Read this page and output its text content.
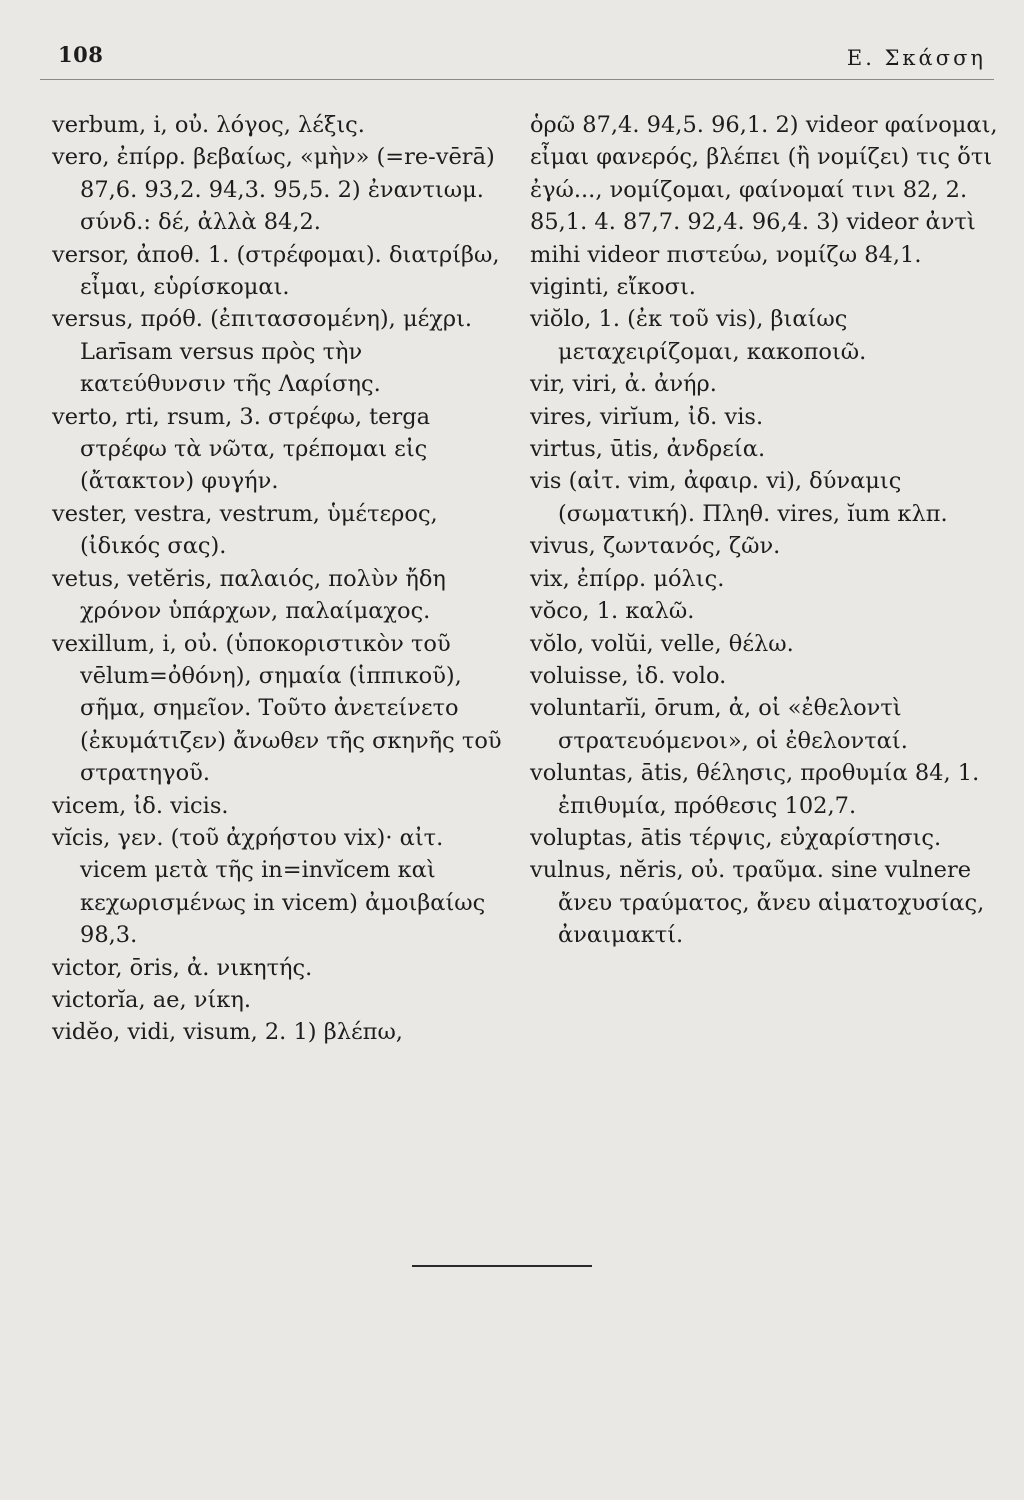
108	Ε. Σκάσση

verbum, i, οὐ. λόγος, λέξις.

vero, ἐπίρρ. βεβαίως, «μὴν» (=re-vērā) 87,6. 93,2. 94,3. 95,5. 2) ἐναντιωμ. σύνδ.: δέ, ἀλλὰ 84,2.

versor, ἀποθ. 1. (στρέφομαι). διατρίβω, εἶμαι, εὑρίσκομαι.

versus, πρόθ. (ἐπιτασσομένη), μέχρι. Larīsam versus πρὸς τὴν κατεύθυνσιν τῆς Λαρίσης.

verto, rti, rsum, 3. στρέφω, terga στρέφω τὰ νῶτα, τρέπομαι εἰς (ἄτακτον) φυγήν.

vester, vestra, vestrum, ὑμέτερος, (ἰδικός σας).

vetus, vetĕris, παλαιός, πολὺν ἤδη χρόνον ὑπάρχων, παλαίμαχος.

vexillum, i, οὐ. (ὑποκοριστικὸν τοῦ vēlum=ὀθόνη), σημαία (ἱππικοῦ), σῆμα, σημεῖον. Τοῦτο ἀνετείνετο (ἐκυμάτιζεν) ἄνωθεν τῆς σκηνῆς τοῦ στρατηγοῦ.

vicem, ἰδ. vicis.

vĭcis, γεν. (τοῦ ἀχρήστου vix)· αἰτ. vicem μετὰ τῆς in=invĭcem καὶ κεχωρισμένως in vicem) ἀμοιβαίως 98,3.

victor, ōris, ἀ. νικητής.

victorĭa, ae, νίκη.

vidĕo, vidi, visum, 2. 1) βλέπω,

ὁρῶ 87,4. 94,5. 96,1. 2) videor φαίνομαι, εἶμαι φανερός, βλέπει (ἢ νομίζει) τις ὅτι ἐγώ..., νομίζομαι, φαίνομαί τινι 82, 2. 85,1. 4. 87,7. 92,4. 96,4. 3) videor ἀντὶ mihi videor πιστεύω, νομίζω 84,1.

viginti, εἴκοσι.

viŏlo, 1. (ἐκ τοῦ vis), βιαίως μεταχειρίζομαι, κακοποιῶ.

vir, viri, ἀ. ἀνήρ.

vires, virĭum, ἰδ. vis.

virtus, ūtis, ἀνδρεία.

vis (αἰτ. vim, ἀφαιρ. vi), δύναμις (σωματική). Πληθ. vires, ĭum κλπ.

vivus, ζωντανός, ζῶν.

vix, ἐπίρρ. μόλις.

vŏco, 1. καλῶ.

vŏlo, volŭi, velle, θέλω.

voluisse, ἰδ. volo.

voluntarĭi, ōrum, ἀ, οἱ «ἐθελοντὶ στρατευόμενοι», οἱ ἐθελονταί.

voluntas, ātis, θέλησις, προθυμία 84, 1. ἐπιθυμία, πρόθεσις 102,7.

voluptas, ātis τέρψις, εὐχαρίστησις.

vulnus, nĕris, οὐ. τραῦμα. sine vulnere ἄνευ τραύματος, ἄνευ αἱματοχυσίας, ἀναιμακτί.
